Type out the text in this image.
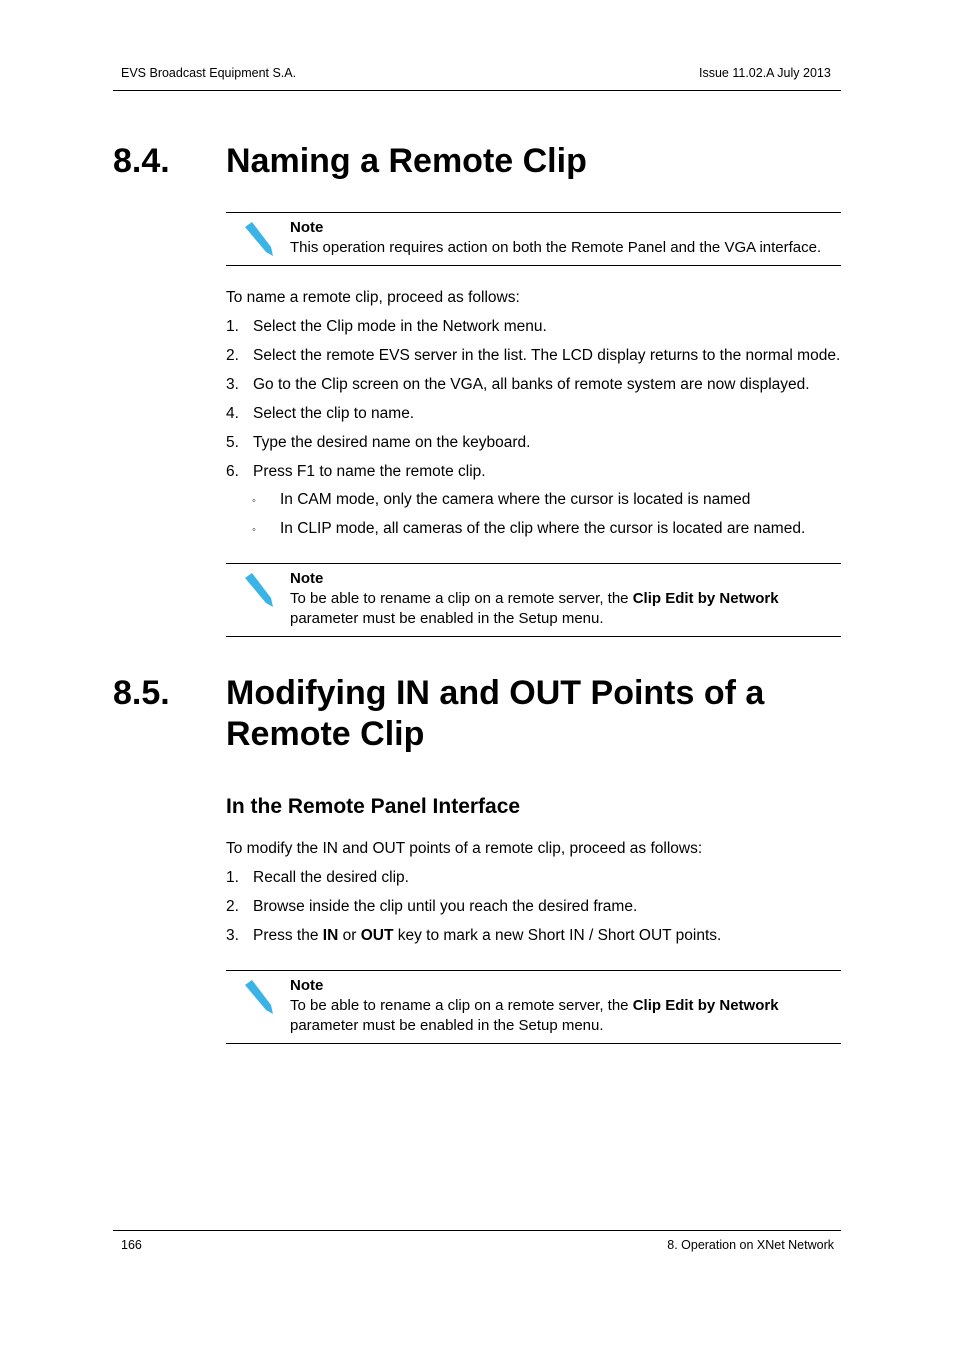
EVS Broadcast Equipment S.A.	Issue 11.02.A July 2013
8.4. Naming a Remote Clip
Note
This operation requires action on both the Remote Panel and the VGA interface.
To name a remote clip, proceed as follows:
1. Select the Clip mode in the Network menu.
2. Select the remote EVS server in the list. The LCD display returns to the normal mode.
3. Go to the Clip screen on the VGA, all banks of remote system are now displayed.
4. Select the clip to name.
5. Type the desired name on the keyboard.
6. Press F1 to name the remote clip.
◦ In CAM mode, only the camera where the cursor is located is named
◦ In CLIP mode, all cameras of the clip where the cursor is located are named.
Note
To be able to rename a clip on a remote server, the Clip Edit by Network
parameter must be enabled in the Setup menu.
8.5. Modifying IN and OUT Points of a
Remote Clip
In the Remote Panel Interface
To modify the IN and OUT points of a remote clip, proceed as follows:
1. Recall the desired clip.
2. Browse inside the clip until you reach the desired frame.
3. Press the IN or OUT key to mark a new Short IN / Short OUT points.
Note
To be able to rename a clip on a remote server, the Clip Edit by Network
parameter must be enabled in the Setup menu.
166	8. Operation on XNet Network
